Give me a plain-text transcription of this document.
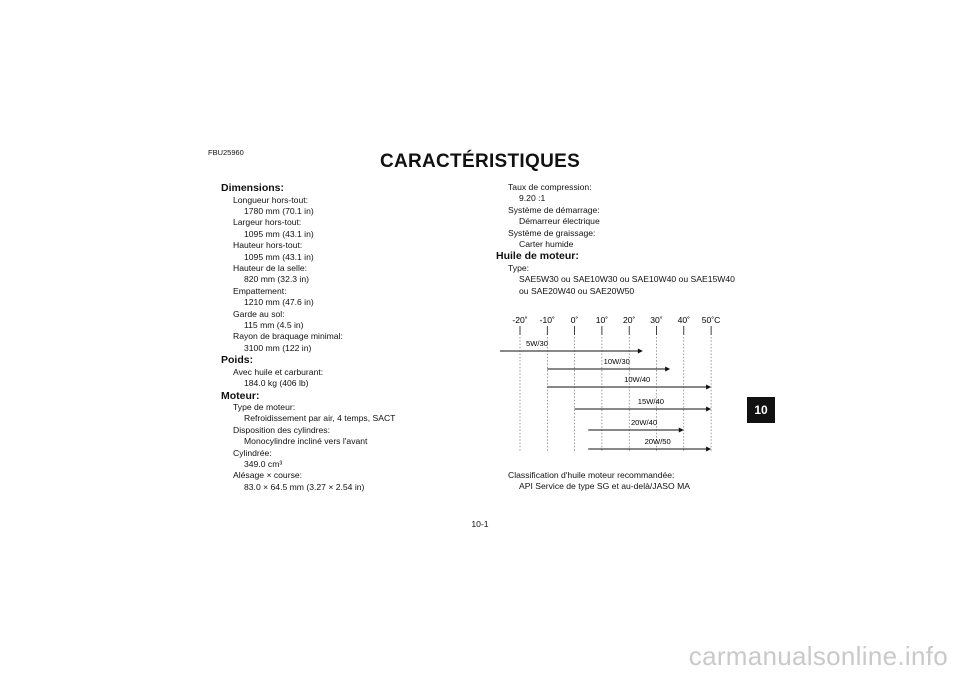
FBU25960	CARACTÉRISTIQUES
Dimensions:
Longueur hors-tout:
1780 mm (70.1 in)
Largeur hors-tout:
1095 mm (43.1 in)
Hauteur hors-tout:
1095 mm (43.1 in)
Hauteur de la selle:
820 mm (32.3 in)
Empattement:
1210 mm (47.6 in)
Garde au sol:
115 mm (4.5 in)
Rayon de braquage minimal:
3100 mm (122 in)
Poids:
Avec huile et carburant:
184.0 kg (406 lb)
Moteur:
Type de moteur:
Refroidissement par air, 4 temps, SACT
Disposition des cylindres:
Monocylindre incliné vers l'avant
Cylindrée:
349.0 cm³
Alésage × course:
83.0 × 64.5 mm (3.27 × 2.54 in)
Taux de compression:
9.20 :1
Système de démarrage:
Démarreur électrique
Système de graissage:
Carter humide
Huile de moteur:
Type:
SAE5W30 ou SAE10W30 ou SAE10W40 ou SAE15W40
ou SAE20W40 ou SAE20W50
-20˚ -10˚ 0˚ 10˚ 20˚ 30˚ 40˚ 50˚C
5W/30
10W/30
10W/40
15W/40
20W/40
20W/50
Classification d'huile moteur recommandée:
API Service de type SG et au-delà/JASO MA
10
10-1
carmanualsonline.info
